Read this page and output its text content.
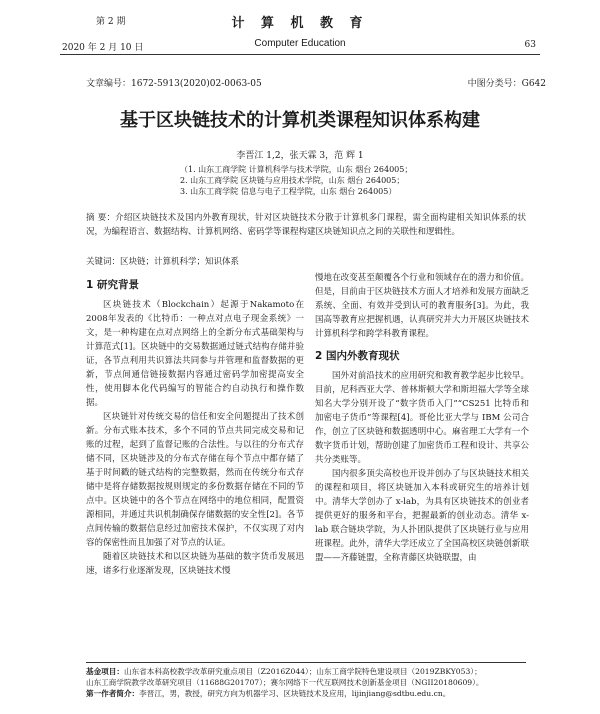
第 2 期
2020 年 2 月 10 日
计 算 机 教 育
Computer Education	63
文章编号：1672-5913(2020)02-0063-05	中图分类号：G642
基于区块链技术的计算机类课程知识体系构建
李晋江 1,2，张天霖 3，范 辉 1
（1. 山东工商学院 计算机科学与技术学院，山东 烟台 264005；
2. 山东工商学院 区块链与应用技术学院，山东 烟台 264005；
3. 山东工商学院 信息与电子工程学院，山东 烟台 264005）
摘 要：介绍区块链技术及国内外教育现状，针对区块链技术分散于计算机多门课程，需全面构建相关知识体系的状况，为编程语言、数据结构、计算机网络、密码学等课程构建区块链知识点之间的关联性和逻辑性。
关键词：区块链；计算机科学；知识体系
1 研究背景

区块链技术（Blockchain）起源于Nakamoto在2008年发表的《比特币：一种点对点电子现金系统》一文，是一种构建在点对点网络上的全新分布式基础架构与计算范式[1]。区块链中的交易数据通过链式结构存储并验证，各节点利用共识算法共同参与并管理和监督数据的更新，节点间通信链接数据内容通过密码学加密提高安全性，使用脚本化代码编写的智能合约自动执行和操作数据。

区块链针对传统交易的信任和安全问题提出了技术创新。分布式账本技术，多个不同的节点共同完成交易和记账的过程，起到了监督记账的合法性。与以往的分布式存储不同，区块链涉及的分布式存储在每个节点中都存储了基于时间戳的链式结构的完整数据，然而在传统分布式存储中是将存储数据按规则规定的多份数据存储在不同的节点中。区块链中的各个节点在网络中的地位相同，配置资源相同，并通过共识机制确保存储数据的安全性[2]。各节点间传输的数据信息经过加密技术保护，不仅实现了对内容的保密性而且加强了对节点的认证。

随着区块链技术和以区块链为基础的数字货币发展迅速，诸多行业逐渐发现，区块链技术慢

慢地在改变甚至颠覆各个行业和领域存在的潜力和价值。但是，目前由于区块链技术方面人才培养和发展方面缺乏系统、全面、有效并受到认可的教育服务[3]。为此，我国高等教育应把握机遇，认真研究并大力开展区块链技术计算机科学和跨学科教育课程。

2 国内外教育现状

国外对前沿技术的应用研究和教育教学起步比较早。目前，尼科西亚大学、普林斯顿大学和斯坦福大学等全球知名大学分别开设了“数字货币入门”“CS251 比特币和加密电子货币”等课程[4]。哥伦比亚大学与 IBM 公司合作，创立了区块链和数据透明中心。麻省理工大学有一个数字货币计划，帮助创建了加密货币工程和设计、共享公共分类账等。

国内很多顶尖高校也开设并创办了与区块链技术相关的课程和项目，将区块链加入本科或研究生的培养计划中。清华大学创办了 x-lab，为具有区块链技术的创业者提供更好的服务和平台，把握最新的创业动态。清华 x-lab 联合链块学院，为人扑团队提供了区块链行业与应用班课程。此外，清华大学还成立了全国高校区块链创新联盟——齐藤链盟，全称青藤区块链联盟，由

基金项目：山东省本科高校教学改革研究重点项目（Z2016Z044）；山东工商学院特色建设项目（2019ZBKY053）；
山东工商学院教学改革研究项目（11688G201707）；赛尔网络下一代互联网技术创新基金项目（NGII20180609）。
第一作者简介：李晋江，男，教授，研究方向为机器学习、区块链技术及应用，lijinjiang@sdtbu.edu.cn。
